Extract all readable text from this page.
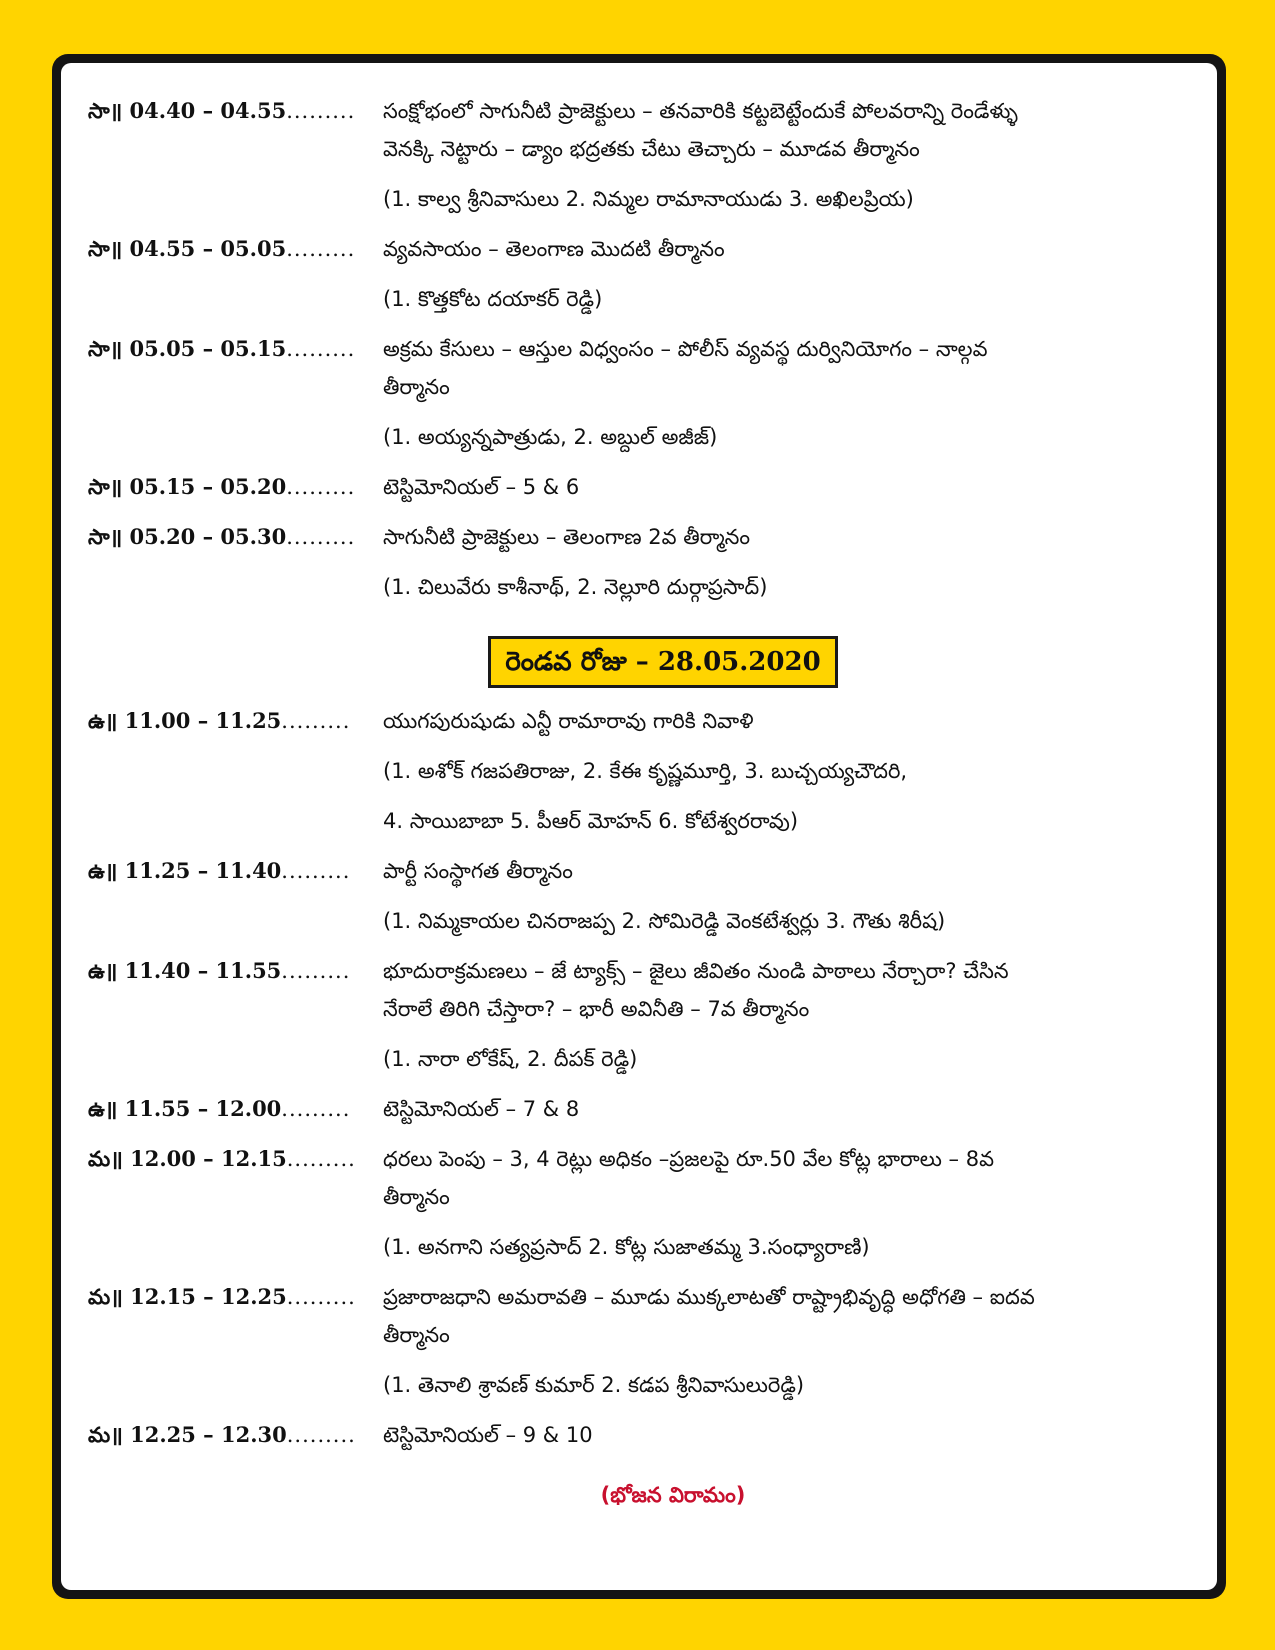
సా॥ 04.40 – 04.55.........	సంక్షోభంలో సాగునీటి ప్రాజెక్టులు – తనవారికి కట్టబెట్టేందుకే పోలవరాన్ని రెండేళ్ళు
వెనక్కి నెట్టారు – డ్యాం భద్రతకు చేటు తెచ్చారు – మూడవ తీర్మానం
(1. కాల్వ శ్రీనివాసులు 2. నిమ్మల రామానాయుడు 3. అఖిలప్రియ)
సా॥ 04.55 – 05.05.........	వ్యవసాయం – తెలంగాణ మొదటి తీర్మానం
(1. కొత్తకోట దయాకర్ రెడ్డి)
సా॥ 05.05 – 05.15.........	అక్రమ కేసులు – ఆస్తుల విధ్వంసం – పోలీస్ వ్యవస్థ దుర్వినియోగం – నాల్గవ
తీర్మానం
(1. అయ్యన్నపాత్రుడు, 2. అబ్దుల్ అజీజ్)
సా॥ 05.15 – 05.20.........	టెస్టిమోనియల్ – 5 & 6
సా॥ 05.20 – 05.30.........	సాగునీటి ప్రాజెక్టులు – తెలంగాణ 2వ తీర్మానం
(1. చిలువేరు కాశీనాథ్, 2. నెల్లూరి దుర్గాప్రసాద్)
రెండవ రోజు – 28.05.2020
ఉ॥ 11.00 – 11.25.........	యుగపురుషుడు ఎన్టీ రామారావు గారికి నివాళి
(1. అశోక్ గజపతిరాజు, 2. కేఈ కృష్ణమూర్తి, 3. బుచ్చయ్యచౌదరి,
4. సాయిబాబా 5. పీఆర్ మోహన్ 6. కోటేశ్వరరావు)
ఉ॥ 11.25 – 11.40.........	పార్టీ సంస్థాగత తీర్మానం
(1. నిమ్మకాయల చినరాజప్ప 2. సోమిరెడ్డి వెంకటేశ్వర్లు 3. గౌతు శిరీష)
ఉ॥ 11.40 – 11.55.........	భూదురాక్రమణలు – జే ట్యాక్స్ – జైలు జీవితం నుండి పాఠాలు నేర్చారా? చేసిన
నేరాలే తిరిగి చేస్తారా? – భారీ అవినీతి – 7వ తీర్మానం
(1. నారా లోకేష్, 2. దీపక్ రెడ్డి)
ఉ॥ 11.55 – 12.00.........	టెస్టిమోనియల్ – 7 & 8
మ॥ 12.00 – 12.15.........	ధరలు పెంపు – 3, 4 రెట్లు అధికం –ప్రజలపై రూ.50 వేల కోట్ల భారాలు – 8వ
తీర్మానం
(1. అనగాని సత్యప్రసాద్ 2. కోట్ల సుజాతమ్మ 3.సంధ్యారాణి)
మ॥ 12.15 – 12.25.........	ప్రజారాజధాని అమరావతి – మూడు ముక్కలాటతో రాష్ట్రాభివృద్ధి అధోగతి – ఐదవ
తీర్మానం
(1. తెనాలి శ్రావణ్ కుమార్ 2. కడప శ్రీనివాసులురెడ్డి)
మ॥ 12.25 – 12.30.........	టెస్టిమోనియల్ – 9 & 10
(భోజన విరామం)
